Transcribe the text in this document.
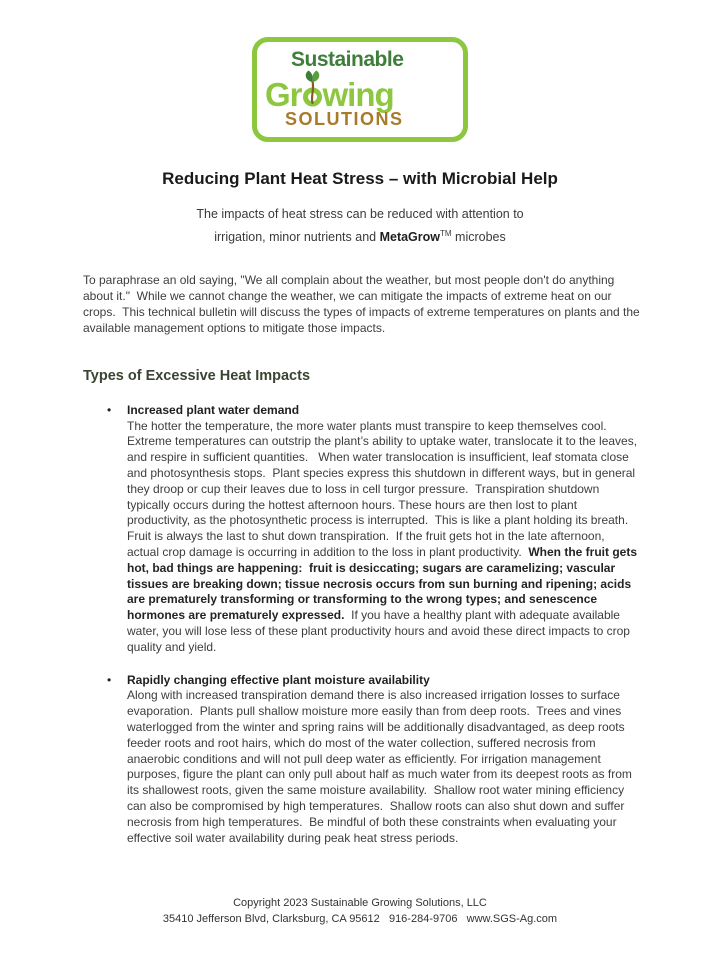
Sustainable
Gr wing
SOLUTIONS
Reducing Plant Heat Stress – with Microbial Help
The impacts of heat stress can be reduced with attention to
irrigation, minor nutrients and MetaGrow™ microbes

To paraphrase an old saying, "We all complain about the weather, but most people don't do anything about it."  While we cannot change the weather, we can mitigate the impacts of extreme heat on our crops.  This technical bulletin will discuss the types of impacts of extreme temperatures on plants and the available management options to mitigate those impacts.

Types of Excessive Heat Impacts
•	Increased plant water demand

The hotter the temperature, the more water plants must transpire to keep themselves cool.  Extreme temperatures can outstrip the plant’s ability to uptake water, translocate it to the leaves, and respire in sufficient quantities.   When water translocation is insufficient, leaf stomata close and photosynthesis stops.  Plant species express this shutdown in different ways, but in general they droop or cup their leaves due to loss in cell turgor pressure.  Transpiration shutdown typically occurs during the hottest afternoon hours. These hours are then lost to plant productivity, as the photosynthetic process is interrupted.  This is like a plant holding its breath.  Fruit is always the last to shut down transpiration.  If the fruit gets hot in the late afternoon, actual crop damage is occurring in addition to the loss in plant productivity.  When the fruit gets hot, bad things are happening:  fruit is desiccating; sugars are caramelizing; vascular tissues are breaking down; tissue necrosis occurs from sun burning and ripening; acids are prematurely transforming or transforming to the wrong types; and senescence hormones are prematurely expressed.  If you have a healthy plant with adequate available water, you will lose less of these plant productivity hours and avoid these direct impacts to crop quality and yield.

•	Rapidly changing effective plant moisture availability

Along with increased transpiration demand there is also increased irrigation losses to surface evaporation.  Plants pull shallow moisture more easily than from deep roots.  Trees and vines waterlogged from the winter and spring rains will be additionally disadvantaged, as deep roots feeder roots and root hairs, which do most of the water collection, suffered necrosis from anaerobic conditions and will not pull deep water as efficiently. For irrigation management purposes, figure the plant can only pull about half as much water from its deepest roots as from its shallowest roots, given the same moisture availability.  Shallow root water mining efficiency can also be compromised by high temperatures.  Shallow roots can also shut down and suffer necrosis from high temperatures.  Be mindful of both these constraints when evaluating your effective soil water availability during peak heat stress periods.

Copyright 2023 Sustainable Growing Solutions, LLC
35410 Jefferson Blvd, Clarksburg, CA 95612   916-284-9706   www.SGS-Ag.com
